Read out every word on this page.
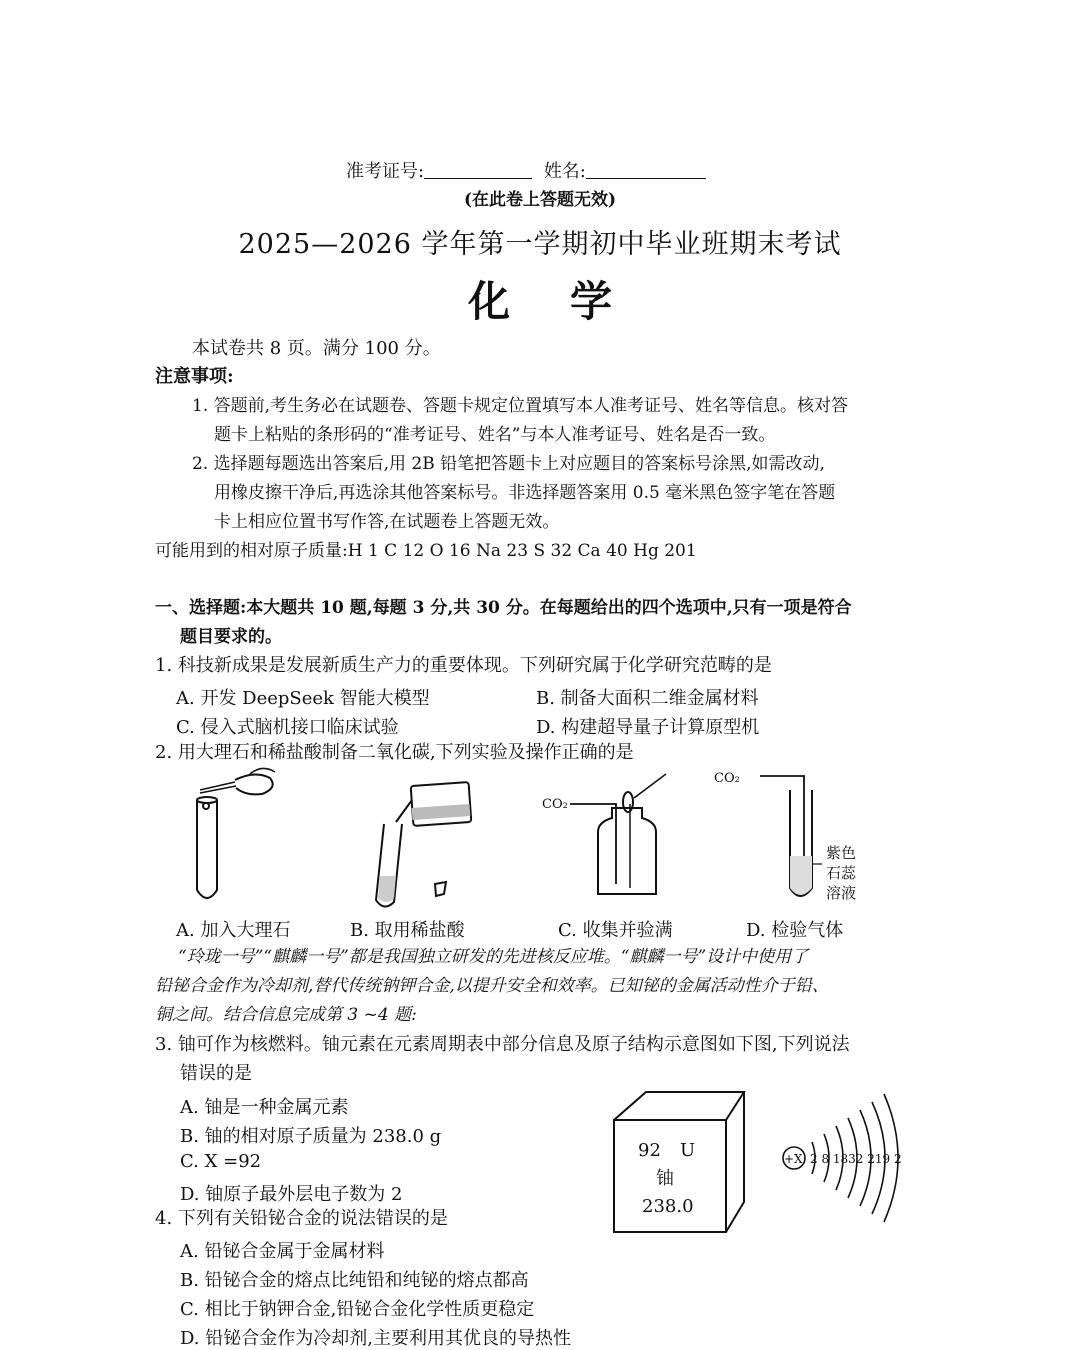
准考证号:	姓名:
(在此卷上答题无效)
2025—2026 学年第一学期初中毕业班期末考试
化学
本试卷共 8 页。满分 100 分。
注意事项:
1. 答题前,考生务必在试题卷、答题卡规定位置填写本人准考证号、姓名等信息。核对答
题卡上粘贴的条形码的“准考证号、姓名”与本人准考证号、姓名是否一致。
2. 选择题每题选出答案后,用 2B 铅笔把答题卡上对应题目的答案标号涂黑,如需改动,
用橡皮擦干净后,再选涂其他答案标号。非选择题答案用 0.5 毫米黑色签字笔在答题
卡上相应位置书写作答,在试题卷上答题无效。
可能用到的相对原子质量:H 1 C 12 O 16 Na 23 S 32 Ca 40 Hg 201
一、选择题:本大题共 10 题,每题 3 分,共 30 分。在每题给出的四个选项中,只有一项是符合
题目要求的。
1. 科技新成果是发展新质生产力的重要体现。下列研究属于化学研究范畴的是
A. 开发 DeepSeek 智能大模型	B. 制备大面积二维金属材料
C. 侵入式脑机接口临床试验	D. 构建超导量子计算原型机
2. 用大理石和稀盐酸制备二氧化碳,下列实验及操作正确的是
CO₂
CO₂
紫色
石蕊
溶液
A. 加入大理石	B. 取用稀盐酸	C. 收集并验满	D. 检验气体
“玲珑一号”“麒麟一号”都是我国独立研发的先进核反应堆。“麒麟一号”设计中使用了
铅铋合金作为冷却剂,替代传统钠钾合金,以提升安全和效率。已知铋的金属活动性介于铅、
铜之间。结合信息完成第 3 ~4 题:
3. 铀可作为核燃料。铀元素在元素周期表中部分信息及原子结构示意图如下图,下列说法
错误的是
A. 铀是一种金属元素
B. 铀的相对原子质量为 238.0 g
C. X =92
D. 铀原子最外层电子数为 2
92 U
铀
238.0
+X 2 8 1832 219 2
4. 下列有关铅铋合金的说法错误的是
A. 铅铋合金属于金属材料
B. 铅铋合金的熔点比纯铅和纯铋的熔点都高
C. 相比于钠钾合金,铅铋合金化学性质更稳定
D. 铅铋合金作为冷却剂,主要利用其优良的导热性
